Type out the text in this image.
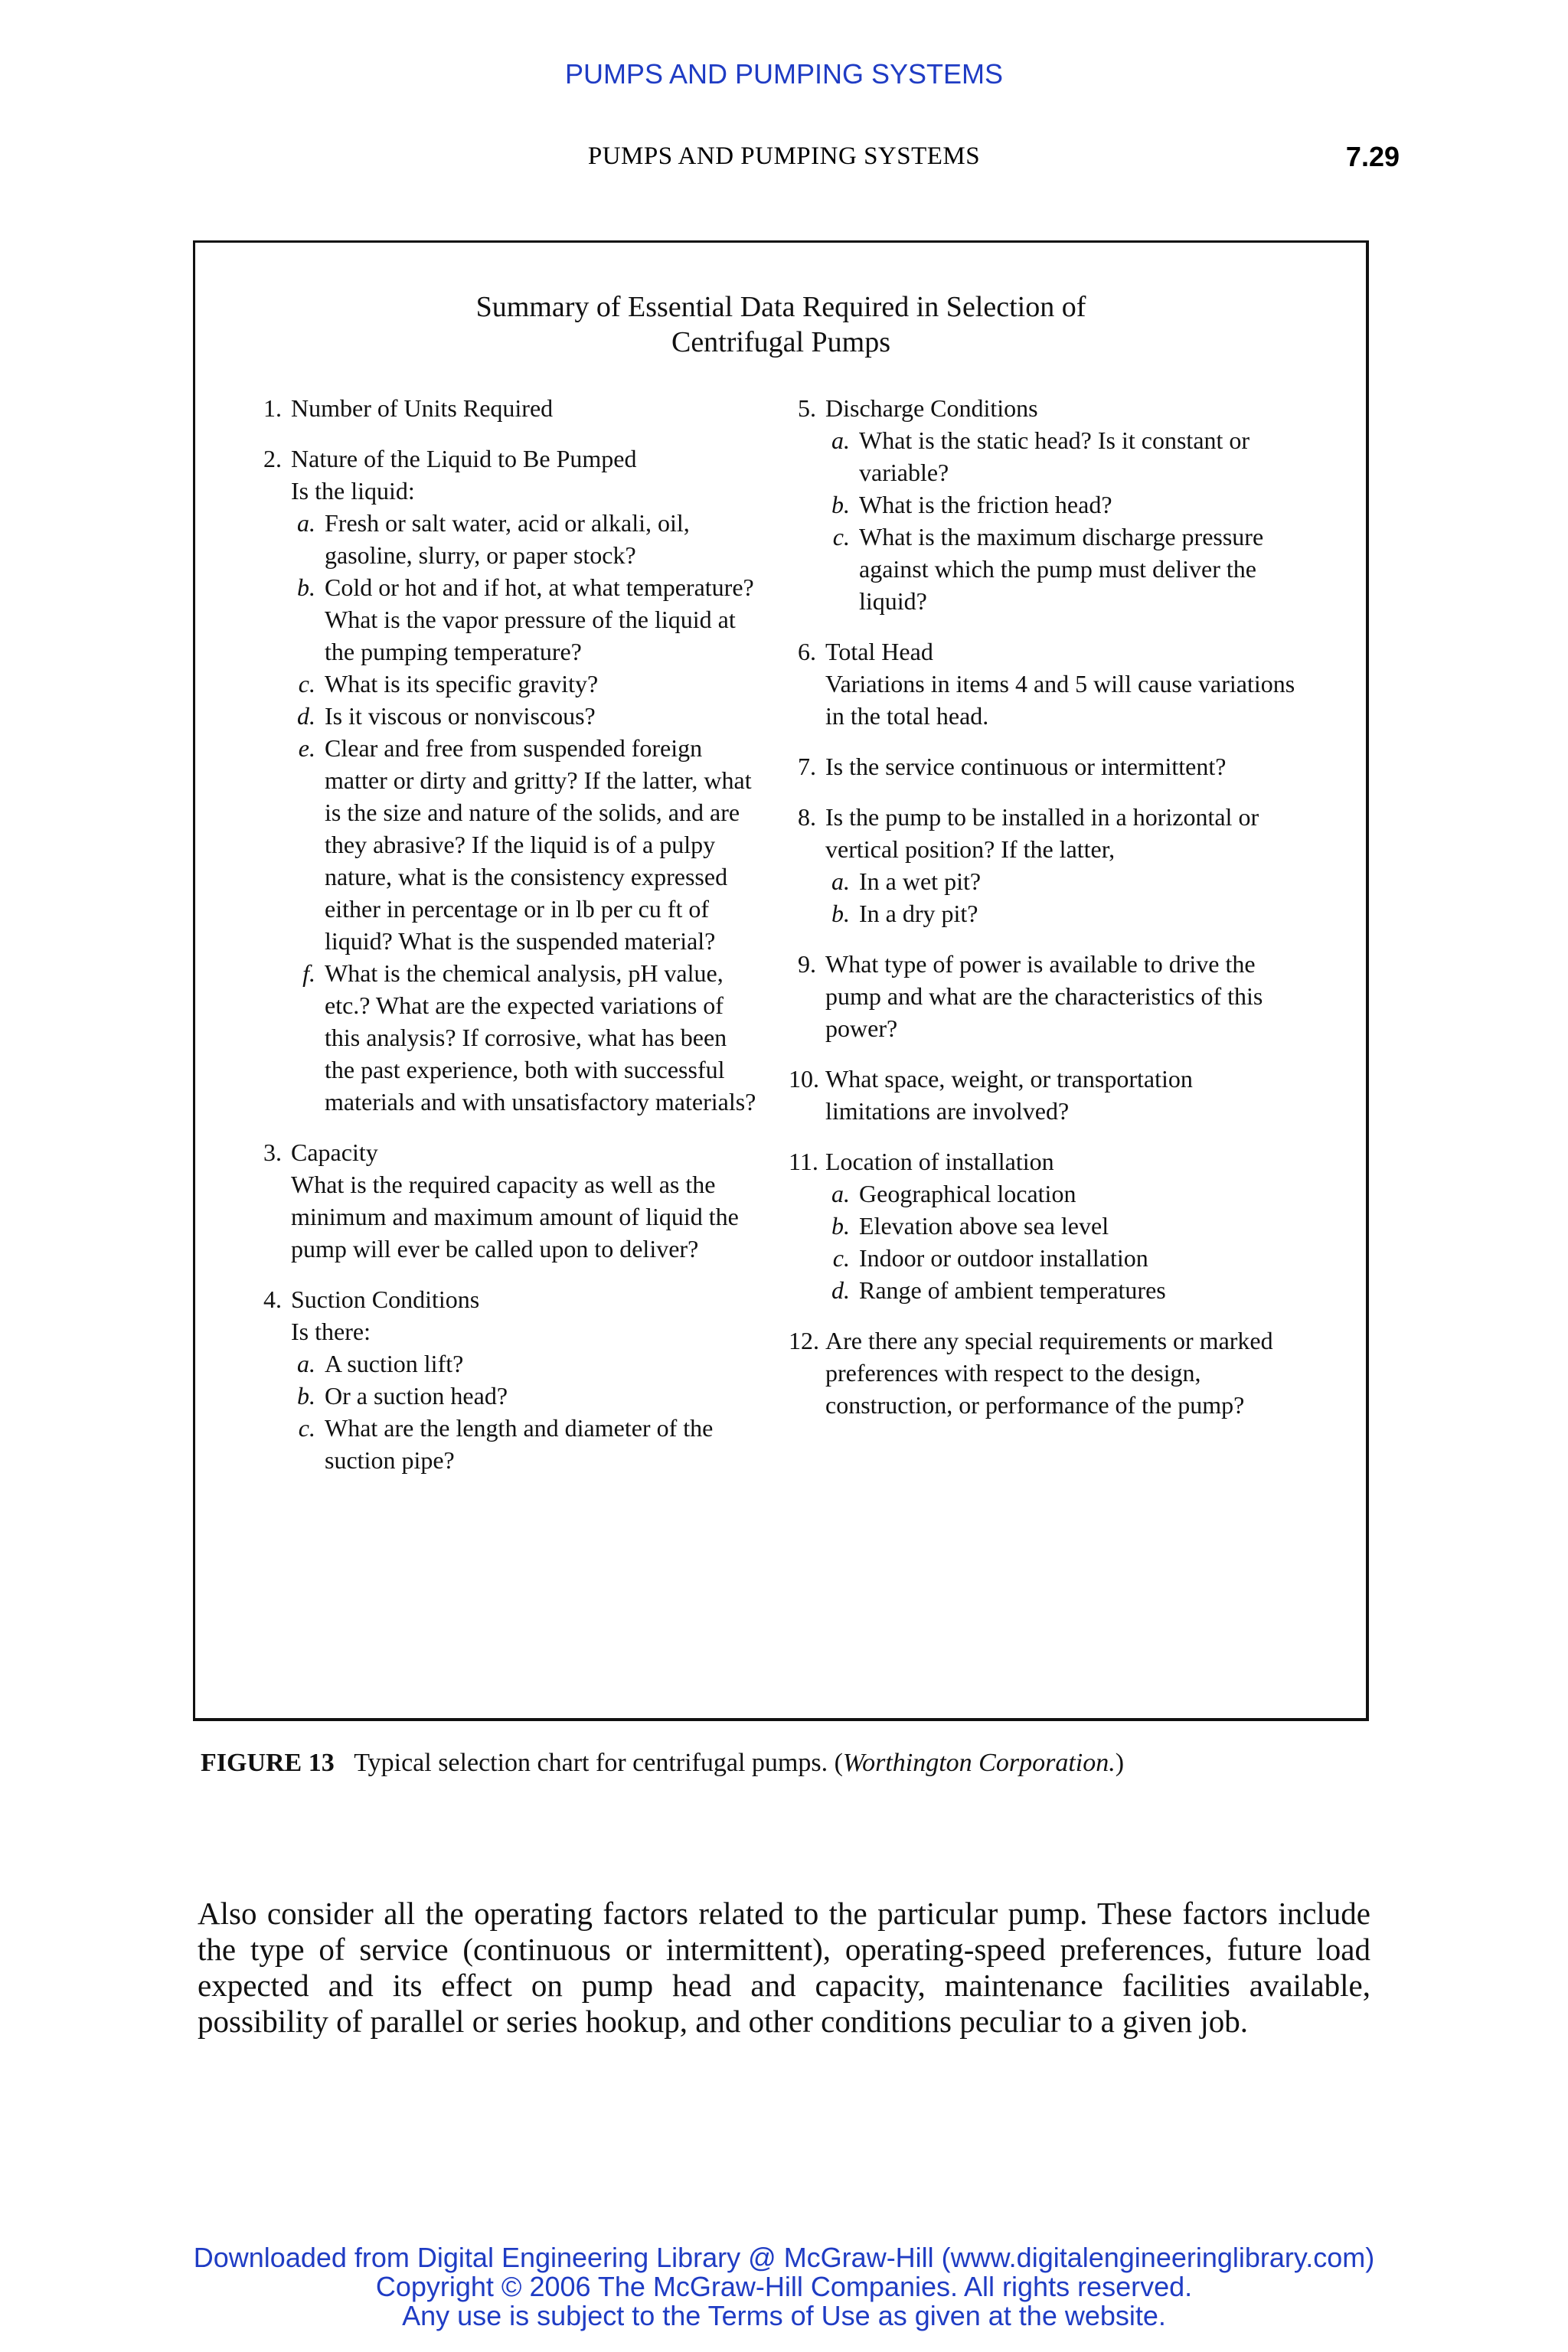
PUMPS AND PUMPING SYSTEMS
PUMPS AND PUMPING SYSTEMS	7.29
Summary of Essential Data Required in Selection of
Centrifugal Pumps
1. Number of Units Required
2. Nature of the Liquid to Be Pumped
Is the liquid:
a. Fresh or salt water, acid or alkali, oil, gasoline, slurry, or paper stock?
b. Cold or hot and if hot, at what temperature? What is the vapor pressure of the liquid at the pumping temperature?
c. What is its specific gravity?
d. Is it viscous or nonviscous?
e. Clear and free from suspended foreign matter or dirty and gritty? If the latter, what is the size and nature of the solids, and are they abrasive? If the liquid is of a pulpy nature, what is the consistency expressed either in percentage or in lb per cu ft of liquid? What is the suspended material?
f. What is the chemical analysis, pH value, etc.? What are the expected variations of this analysis? If corrosive, what has been the past experience, both with successful materials and with unsatisfactory materials?
3. Capacity
What is the required capacity as well as the minimum and maximum amount of liquid the pump will ever be called upon to deliver?
4. Suction Conditions
Is there:
a. A suction lift?
b. Or a suction head?
c. What are the length and diameter of the suction pipe?
5. Discharge Conditions
a. What is the static head? Is it constant or variable?
b. What is the friction head?
c. What is the maximum discharge pressure against which the pump must deliver the liquid?
6. Total Head
Variations in items 4 and 5 will cause variations in the total head.
7. Is the service continuous or intermittent?
8. Is the pump to be installed in a horizontal or vertical position? If the latter,
a. In a wet pit?
b. In a dry pit?
9. What type of power is available to drive the pump and what are the characteristics of this power?
10. What space, weight, or transportation limitations are involved?
11. Location of installation
a. Geographical location
b. Elevation above sea level
c. Indoor or outdoor installation
d. Range of ambient temperatures
12. Are there any special requirements or marked preferences with respect to the design, construction, or performance of the pump?
FIGURE 13 Typical selection chart for centrifugal pumps. (Worthington Corporation.)
Also consider all the operating factors related to the particular pump. These factors include the type of service (continuous or intermittent), operating-speed preferences, future load expected and its effect on pump head and capacity, maintenance facilities available, possibility of parallel or series hookup, and other conditions peculiar to a given job.
Downloaded from Digital Engineering Library @ McGraw-Hill (www.digitalengineeringlibrary.com)
Copyright © 2006 The McGraw-Hill Companies. All rights reserved.
Any use is subject to the Terms of Use as given at the website.
